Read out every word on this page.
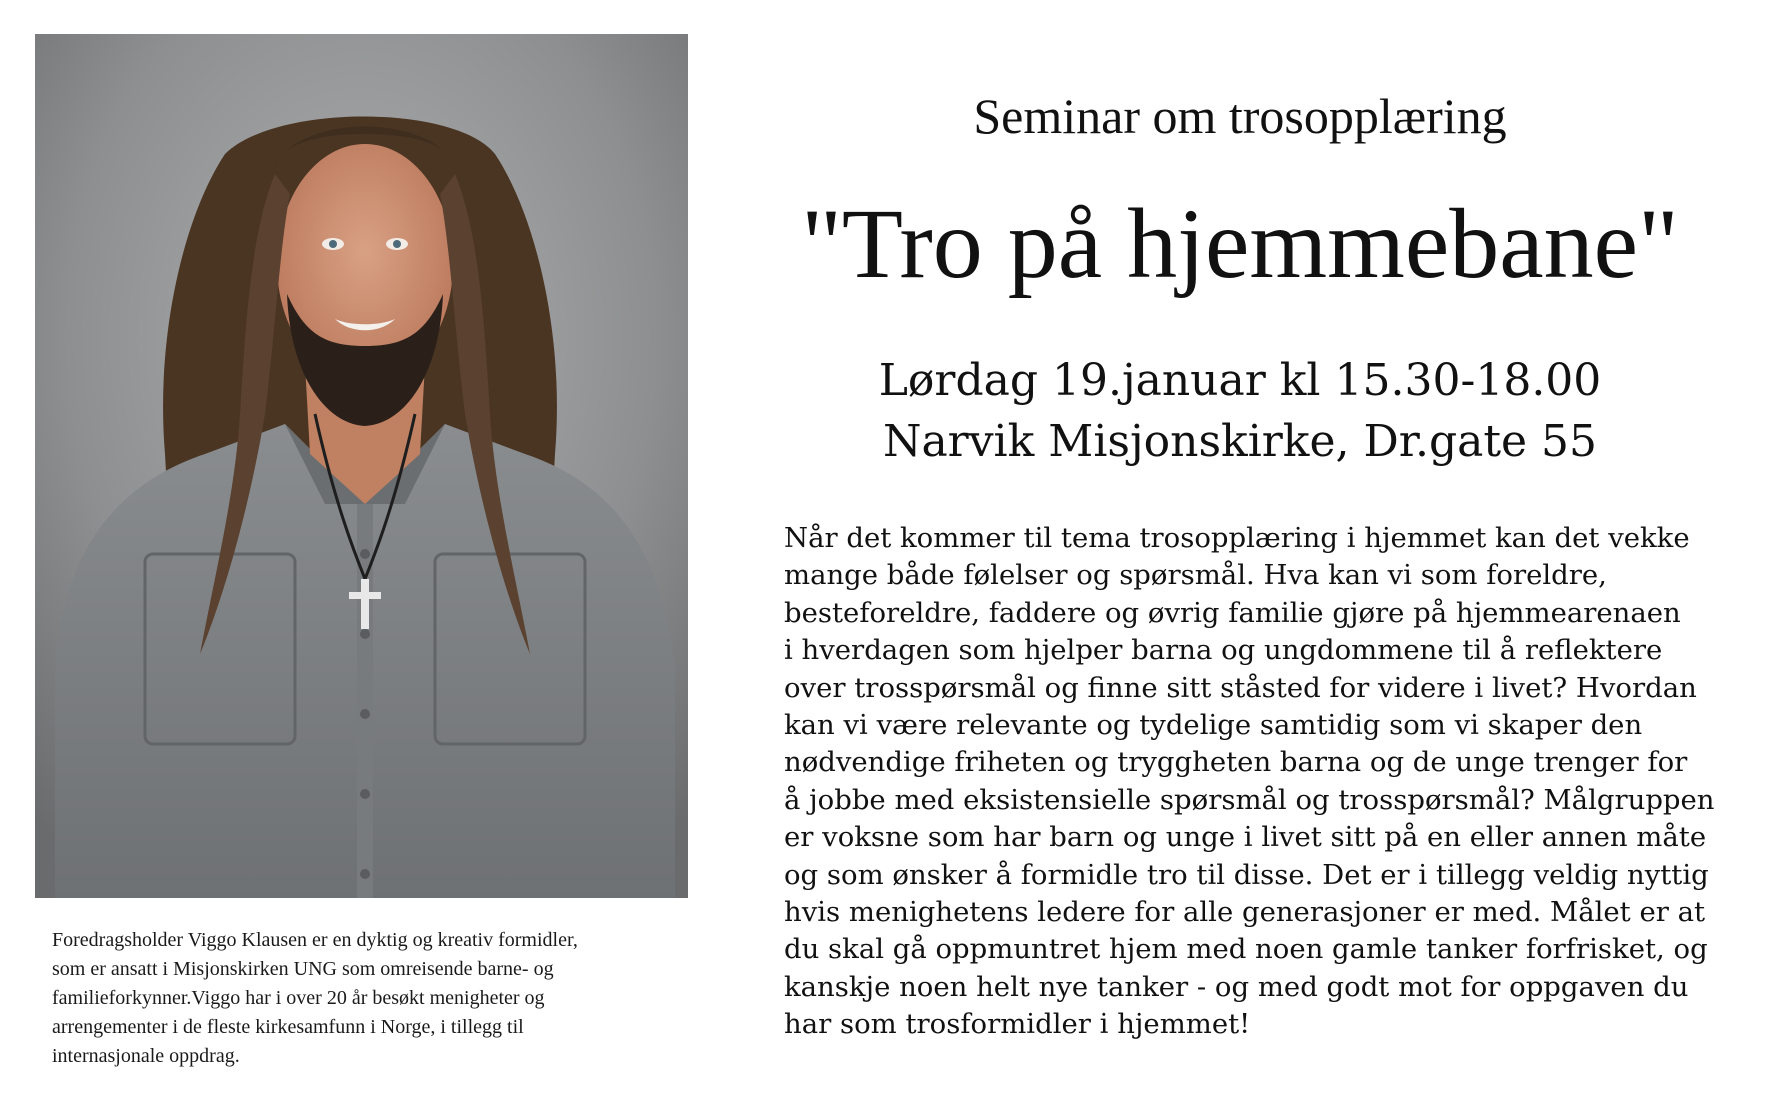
Foredragsholder Viggo Klausen er en dyktig og kreativ formidler,
som er ansatt i Misjonskirken UNG som omreisende barne- og
familieforkynner.Viggo har i over 20 år besøkt menigheter og
arrengementer i de fleste kirkesamfunn i Norge, i tillegg til
internasjonale oppdrag.
Seminar om trosopplæring
"Tro på hjemmebane"
Lørdag 19.januar kl 15.30-18.00
Narvik Misjonskirke, Dr.gate 55
Når det kommer til tema trosopplæring i hjemmet kan det vekke
mange både følelser og spørsmål. Hva kan vi som foreldre,
besteforeldre, faddere og øvrig familie gjøre på hjemmearenaen
i hverdagen som hjelper barna og ungdommene til å reflektere
over trosspørsmål og finne sitt ståsted for videre i livet? Hvordan
kan vi være relevante og tydelige samtidig som vi skaper den
nødvendige friheten og tryggheten barna og de unge trenger for
å jobbe med eksistensielle spørsmål og trosspørsmål? Målgruppen
er voksne som har barn og unge i livet sitt på en eller annen måte
og som ønsker å formidle tro til disse. Det er i tillegg veldig nyttig
hvis menighetens ledere for alle generasjoner er med. Målet er at
du skal gå oppmuntret hjem med noen gamle tanker forfrisket, og
kanskje noen helt nye tanker - og med godt mot for oppgaven du
har som trosformidler i hjemmet!
